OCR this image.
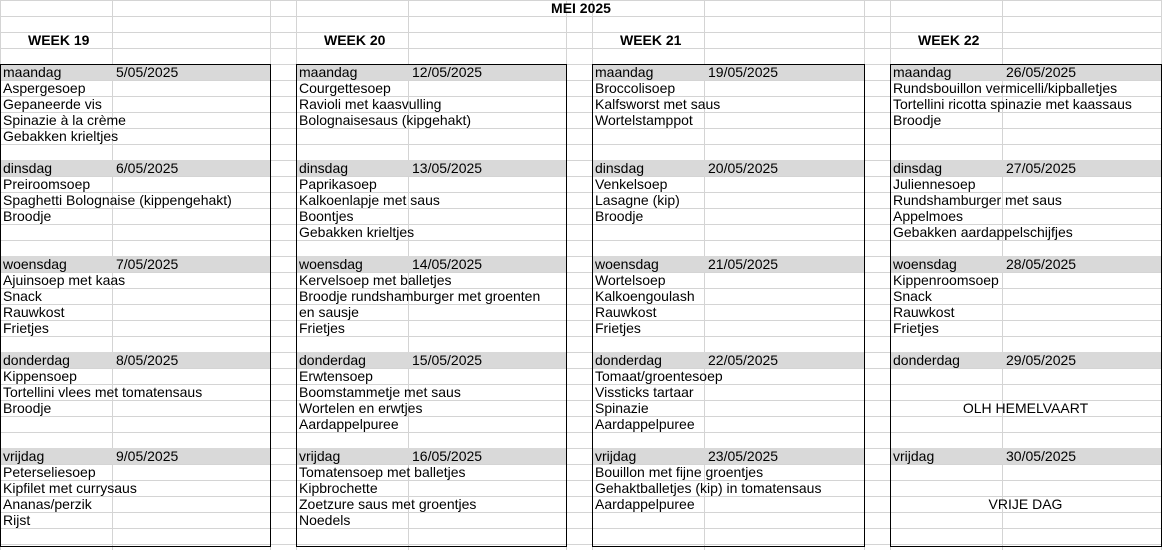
MEI 2025
WEEK 19
maandag	5/05/2025
Aspergesoep
Gepaneerde vis
Spinazie à la crème
Gebakken krieltjes
dinsdag	6/05/2025
Preiroomsoep
Spaghetti Bolognaise (kippengehakt)
Broodje
woensdag	7/05/2025
Ajuinsoep met kaas
Snack
Rauwkost
Frietjes
donderdag	8/05/2025
Kippensoep
Tortellini vlees met tomatensaus
Broodje
vrijdag	9/05/2025
Peterseliesoep
Kipfilet met currysaus
Ananas/perzik
Rijst
WEEK 20
maandag	12/05/2025
Courgettesoep
Ravioli met kaasvulling
Bolognaisesaus (kipgehakt)
dinsdag	13/05/2025
Paprikasoep
Kalkoenlapje met saus
Boontjes
Gebakken krieltjes
woensdag	14/05/2025
Kervelsoep met balletjes
Broodje rundshamburger met groenten
en sausje
Frietjes
donderdag	15/05/2025
Erwtensoep
Boomstammetje met saus
Wortelen en erwtjes
Aardappelpuree
vrijdag	16/05/2025
Tomatensoep met balletjes
Kipbrochette
Zoetzure saus met groentjes
Noedels
WEEK 21
maandag	19/05/2025
Broccolisoep
Kalfsworst met saus
Wortelstamppot
dinsdag	20/05/2025
Venkelsoep
Lasagne (kip)
Broodje
woensdag	21/05/2025
Wortelsoep
Kalkoengoulash
Rauwkost
Frietjes
donderdag	22/05/2025
Tomaat/groentesoep
Vissticks tartaar
Spinazie
Aardappelpuree
vrijdag	23/05/2025
Bouillon met fijne groentjes
Gehaktballetjes (kip) in tomatensaus
Aardappelpuree
WEEK 22
maandag	26/05/2025
Rundsbouillon vermicelli/kipballetjes
Tortellini ricotta spinazie met kaassaus
Broodje
dinsdag	27/05/2025
Juliennesoep
Rundshamburger met saus
Appelmoes
Gebakken aardappelschijfjes
woensdag	28/05/2025
Kippenroomsoep
Snack
Rauwkost
Frietjes
donderdag	29/05/2025
OLH HEMELVAART
vrijdag	30/05/2025
VRIJE DAG
